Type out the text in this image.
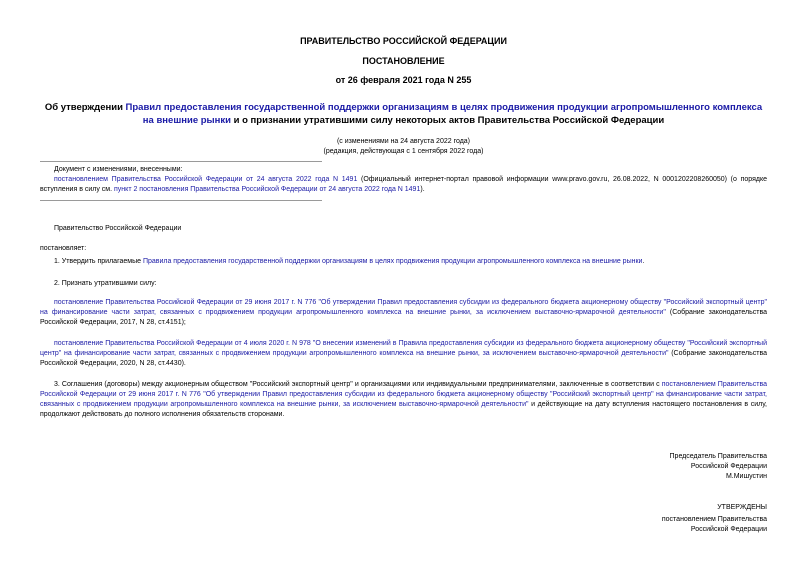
ПРАВИТЕЛЬСТВО РОССИЙСКОЙ ФЕДЕРАЦИИ
ПОСТАНОВЛЕНИЕ
от 26 февраля 2021 года N 255
Об утверждении Правил предоставления государственной поддержки организациям в целях продвижения продукции агропромышленного комплекса на внешние рынки и о признании утратившими силу некоторых актов Правительства Российской Федерации
(с изменениями на 24 августа 2022 года)
(редакция, действующая с 1 сентября 2022 года)
Документ с изменениями, внесенными:
постановлением Правительства Российской Федерации от 24 августа 2022 года N 1491 (Официальный интернет-портал правовой информации www.pravo.gov.ru, 26.08.2022, N 0001202208260050) (о порядке вступления в силу см. пункт 2 постановления Правительства Российской Федерации от 24 августа 2022 года N 1491).
Правительство Российской Федерации
постановляет:
1. Утвердить прилагаемые Правила предоставления государственной поддержки организациям в целях продвижения продукции агропромышленного комплекса на внешние рынки.
2. Признать утратившими силу:
постановление Правительства Российской Федерации от 29 июня 2017 г. N 776 "Об утверждении Правил предоставления субсидии из федерального бюджета акционерному обществу "Российский экспортный центр" на финансирование части затрат, связанных с продвижением продукции агропромышленного комплекса на внешние рынки, за исключением выставочно-ярмарочной деятельности" (Собрание законодательства Российской Федерации, 2017, N 28, ст.4151);
постановление Правительства Российской Федерации от 4 июля 2020 г. N 978 "О внесении изменений в Правила предоставления субсидии из федерального бюджета акционерному обществу "Российский экспортный центр" на финансирование части затрат, связанных с продвижением продукции агропромышленного комплекса на внешние рынки, за исключением выставочно-ярмарочной деятельности" (Собрание законодательства Российской Федерации, 2020, N 28, ст.4430).
3. Соглашения (договоры) между акционерным обществом "Российский экспортный центр" и организациями или индивидуальными предпринимателями, заключенные в соответствии с постановлением Правительства Российской Федерации от 29 июня 2017 г. N 776 "Об утверждении Правил предоставления субсидии из федерального бюджета акционерному обществу "Российский экспортный центр" на финансирование части затрат, связанных с продвижением продукции агропромышленного комплекса на внешние рынки, за исключением выставочно-ярмарочной деятельности" и действующие на дату вступления настоящего постановления в силу, продолжают действовать до полного исполнения обязательств сторонами.
Председатель Правительства
Российской Федерации
М.Мишустин
УТВЕРЖДЕНЫ
постановлением Правительства
Российской Федерации
